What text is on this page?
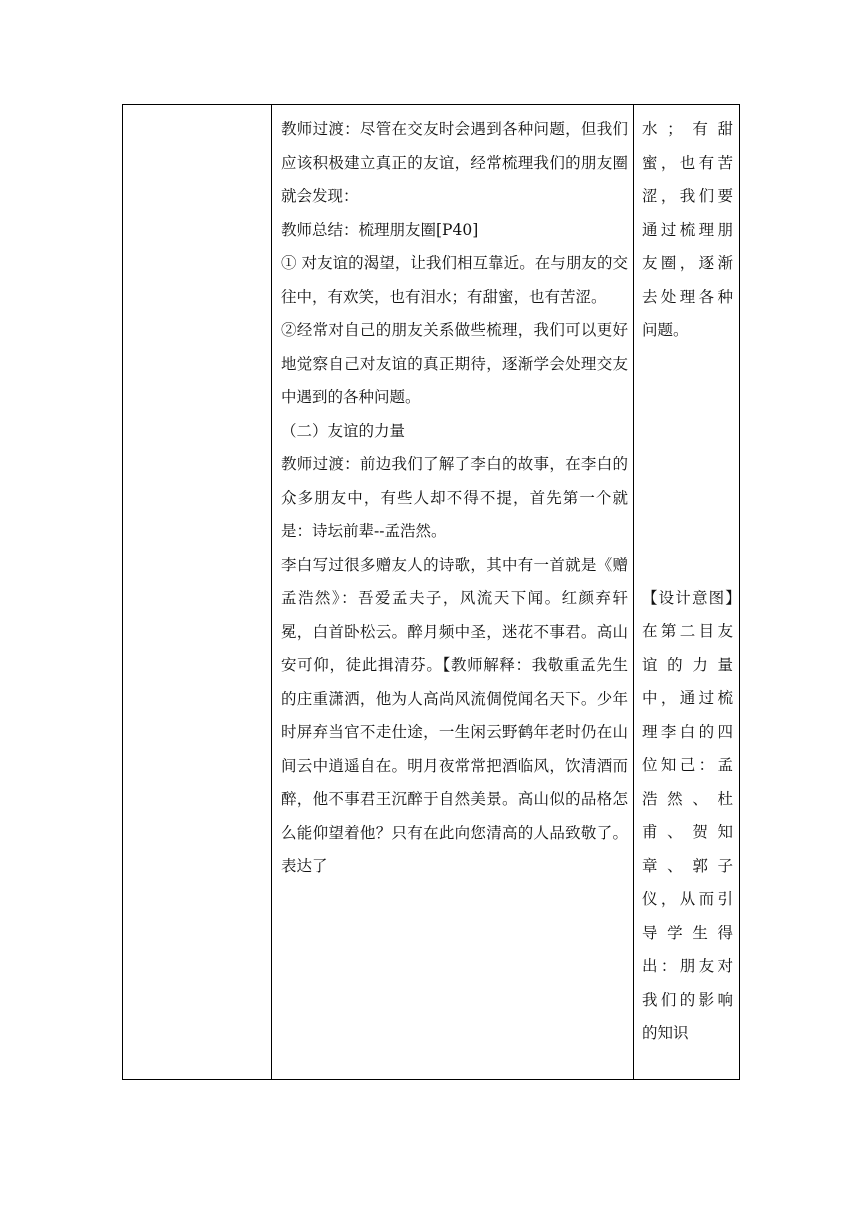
教师过渡：尽管在交友时会遇到各种问题，但我们应该积极建立真正的友谊，经常梳理我们的朋友圈就会发现：

教师总结：梳理朋友圈[P40]

① 对友谊的渴望，让我们相互靠近。在与朋友的交往中，有欢笑，也有泪水；有甜蜜，也有苦涩。

②经常对自己的朋友关系做些梳理，我们可以更好地觉察自己对友谊的真正期待，逐渐学会处理交友中遇到的各种问题。

（二）友谊的力量

教师过渡：前边我们了解了李白的故事，在李白的众多朋友中，有些人却不得不提，首先第一个就是：诗坛前辈--孟浩然。

李白写过很多赠友人的诗歌，其中有一首就是《赠孟浩然》：吾爱孟夫子，风流天下闻。红颜弃轩冕，白首卧松云。醉月频中圣，迷花不事君。高山安可仰，徒此揖清芬。【教师解释：我敬重孟先生的庄重潇洒，他为人高尚风流倜傥闻名天下。少年时屏弃当官不走仕途，一生闲云野鹤年老时仍在山间云中逍遥自在。明月夜常常把酒临风，饮清酒而醉，他不事君王沉醉于自然美景。高山似的品格怎么能仰望着他？只有在此向您清高的人品致敬了。表达了

水；有甜蜜，也有苦涩，我们要通过梳理朋友圈，逐渐去处理各种问题。

【设计意图】在第二目友谊的力量中，通过梳理李白的四位知己：孟浩然、杜甫、贺知章、郭子仪，从而引导学生得出：朋友对我们的影响的知识
